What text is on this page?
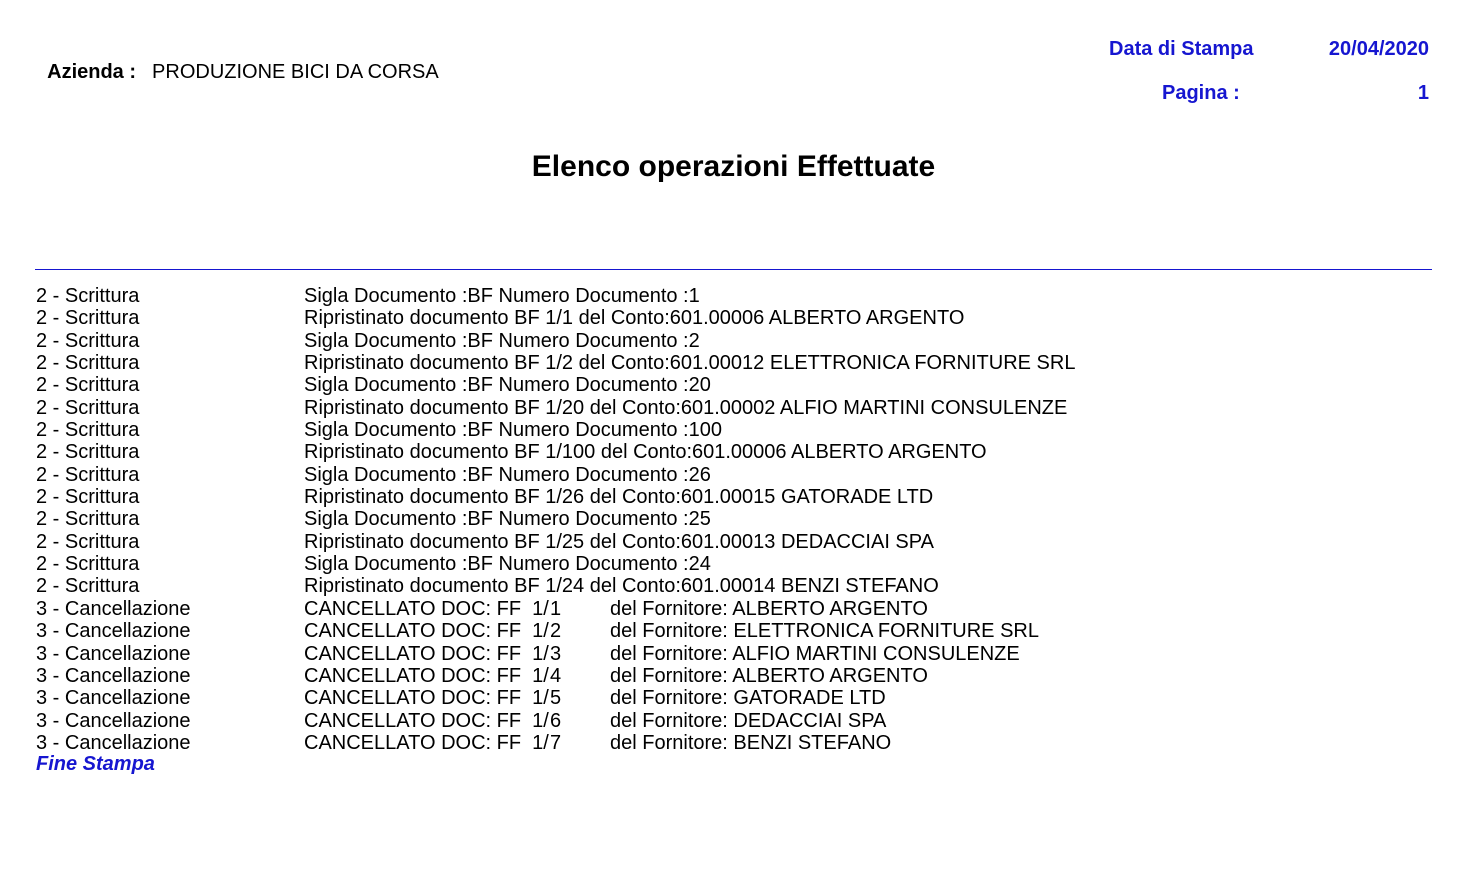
Azienda : PRODUZIONE BICI DA CORSA

Data di Stampa	20/04/2020
Pagina :	1
Elenco operazioni Effettuate
2 - Scrittura	Sigla Documento :BF Numero Documento :1
2 - Scrittura	Ripristinato documento BF 1/1 del Conto:601.00006 ALBERTO ARGENTO
2 - Scrittura	Sigla Documento :BF Numero Documento :2
2 - Scrittura	Ripristinato documento BF 1/2 del Conto:601.00012 ELETTRONICA FORNITURE SRL
2 - Scrittura	Sigla Documento :BF Numero Documento :20
2 - Scrittura	Ripristinato documento BF 1/20 del Conto:601.00002 ALFIO MARTINI CONSULENZE
2 - Scrittura	Sigla Documento :BF Numero Documento :100
2 - Scrittura	Ripristinato documento BF 1/100 del Conto:601.00006 ALBERTO ARGENTO
2 - Scrittura	Sigla Documento :BF Numero Documento :26
2 - Scrittura	Ripristinato documento BF 1/26 del Conto:601.00015 GATORADE LTD
2 - Scrittura	Sigla Documento :BF Numero Documento :25
2 - Scrittura	Ripristinato documento BF 1/25 del Conto:601.00013 DEDACCIAI SPA
2 - Scrittura	Sigla Documento :BF Numero Documento :24
2 - Scrittura	Ripristinato documento BF 1/24 del Conto:601.00014 BENZI STEFANO
3 - Cancellazione	CANCELLATO DOC: FF  1/ 1 del Fornitore: ALBERTO ARGENTO
3 - Cancellazione	CANCELLATO DOC: FF  1/ 2 del Fornitore: ELETTRONICA FORNITURE SRL
3 - Cancellazione	CANCELLATO DOC: FF  1/ 3 del Fornitore: ALFIO MARTINI CONSULENZE
3 - Cancellazione	CANCELLATO DOC: FF  1/ 4 del Fornitore: ALBERTO ARGENTO
3 - Cancellazione	CANCELLATO DOC: FF  1/ 5 del Fornitore: GATORADE LTD
3 - Cancellazione	CANCELLATO DOC: FF  1/ 6 del Fornitore: DEDACCIAI SPA
3 - Cancellazione	CANCELLATO DOC: FF  1/ 7 del Fornitore: BENZI STEFANO
Fine Stampa
